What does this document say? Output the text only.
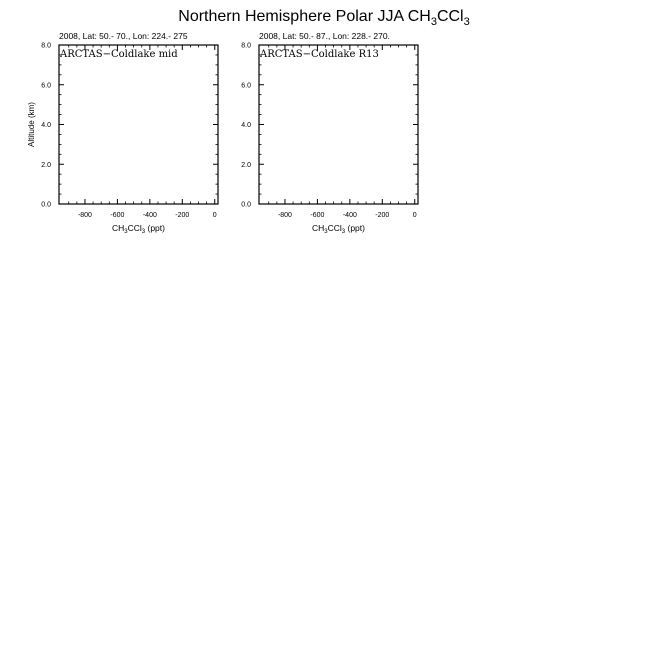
Northern Hemisphere Polar JJA $CH_3CCl_3$
-800	-600	-400	-200	0
0.0
2.0
4.0
6.0
8.0
2008, Lat: 50.- 70., Lon: 224.- 275
ARCTAS−Coldlake mid
$CH_3CCl_3$ (ppt)
Altitude (km)
-800	-600	-400	-200	0
0.0
2.0
4.0
6.0
8.0
2008, Lat: 50.- 87., Lon: 228.- 270.
ARCTAS−Coldlake R13
$CH_3CCl_3$ (ppt)
